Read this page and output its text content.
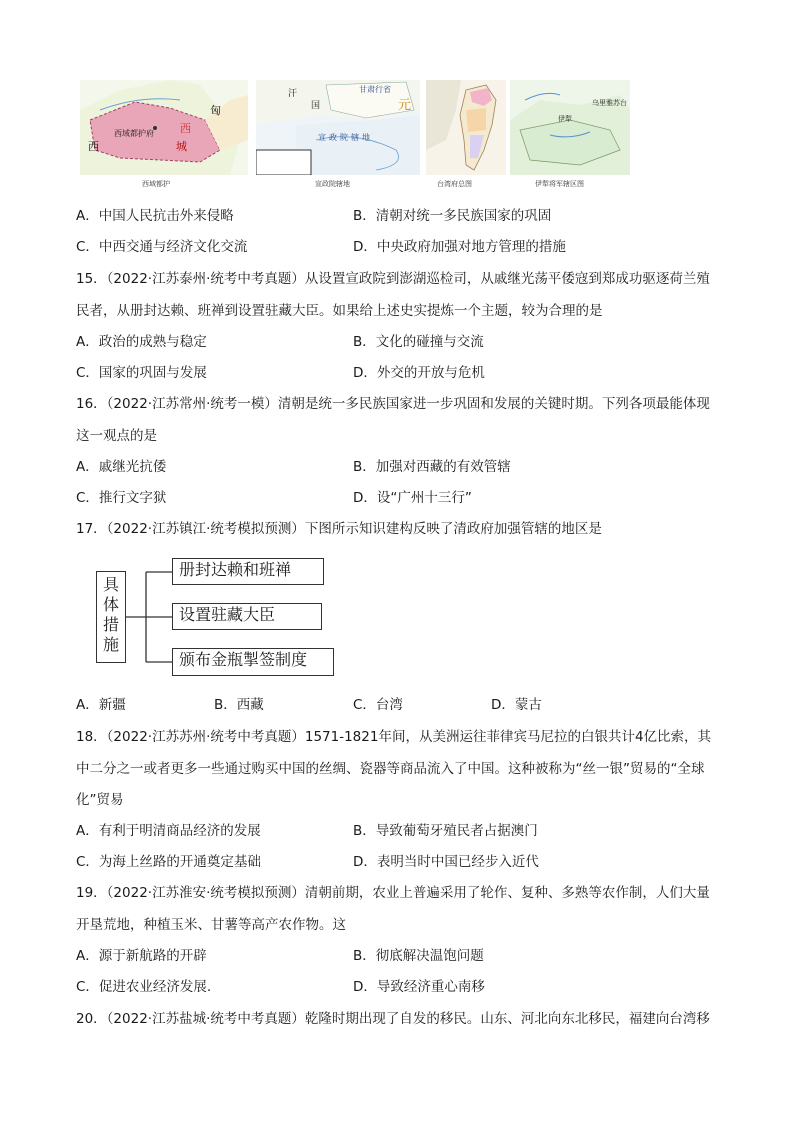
西
西域都护府
城
西
匈
汗
国
甘肃行省
元
宣政院辖地
乌里雅苏台
伊犁
西域都护	宣政院辖地	台湾府总图	伊犁将军辖区图
A．中国人民抗击外来侵略	B．清朝对统一多民族国家的巩固
C．中西交通与经济文化交流	D．中央政府加强对地方管理的措施
15．（2022·江苏泰州·统考中考真题）从设置宣政院到澎湖巡检司，从戚继光荡平倭寇到郑成功驱逐荷兰殖
民者，从册封达赖、班禅到设置驻藏大臣。如果给上述史实提炼一个主题，较为合理的是
A．政治的成熟与稳定	B．文化的碰撞与交流
C．国家的巩固与发展	D．外交的开放与危机
16．（2022·江苏常州·统考一模）清朝是统一多民族国家进一步巩固和发展的关键时期。下列各项最能体现
这一观点的是
A．戚继光抗倭	B．加强对西藏的有效管辖
C．推行文字狱	D．设“广州十三行”
17．（2022·江苏镇江·统考模拟预测）下图所示知识建构反映了清政府加强管辖的地区是
具
体
措
施
册封达赖和班禅
设置驻藏大臣
颁布金瓶掣签制度
A．新疆	B．西藏	C．台湾	D．蒙古
18．（2022·江苏苏州·统考中考真题）1571-1821年间，从美洲运往菲律宾马尼拉的白银共计4亿比索，其
中二分之一或者更多一些通过购买中国的丝绸、瓷器等商品流入了中国。这种被称为“丝一银”贸易的“全球
化”贸易
A．有利于明清商品经济的发展	B．导致葡萄牙殖民者占据澳门
C．为海上丝路的开通奠定基础	D．表明当时中国已经步入近代
19．（2022·江苏淮安·统考模拟预测）清朝前期，农业上普遍采用了轮作、复种、多熟等农作制，人们大量
开垦荒地，种植玉米、甘薯等高产农作物。这
A．源于新航路的开辟	B．彻底解决温饱问题
C．促进农业经济发展.	D．导致经济重心南移
20．（2022·江苏盐城·统考中考真题）乾隆时期出现了自发的移民。山东、河北向东北移民，福建向台湾移
